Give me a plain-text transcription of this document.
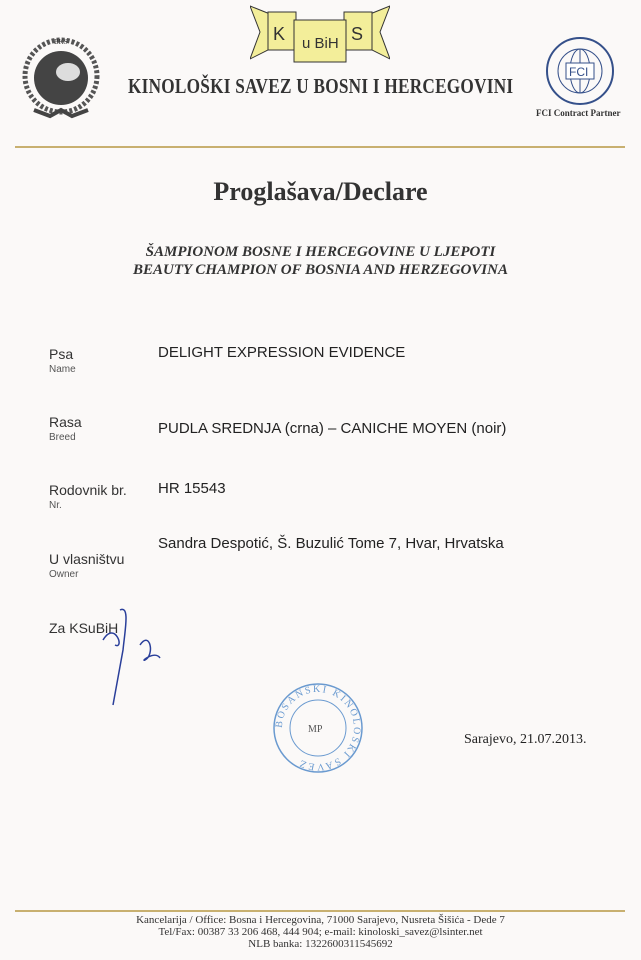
BKS	K u BiH S
KINOLOŠKI SAVEZ U BOSNI I HERCEGOVINI
FCI
FCI Contract Partner
Proglašava/Declare
ŠAMPIONOM BOSNE I HERCEGOVINE U LJEPOTI
BEAUTY CHAMPION OF BOSNIA AND HERZEGOVINA
Psa
Name
DELIGHT EXPRESSION EVIDENCE
Rasa
Breed
PUDLA SREDNJA (crna) – CANICHE MOYEN (noir)
Rodovnik br.
Nr.
HR 15543
U vlasništvu
Owner
Sandra Despotić, Š. Buzulić Tome 7, Hvar, Hrvatska
Za KSuBiH
BOSANSKI KINOLOŠKI SAVEZ
MP
Sarajevo, 21.07.2013.
Kancelarija / Office: Bosna i Hercegovina, 71000 Sarajevo, Nusreta Šišića - Dede 7
Tel/Fax: 00387 33 206 468, 444 904; e-mail: kinoloski_savez@lsinter.net
NLB banka: 1322600311545692
